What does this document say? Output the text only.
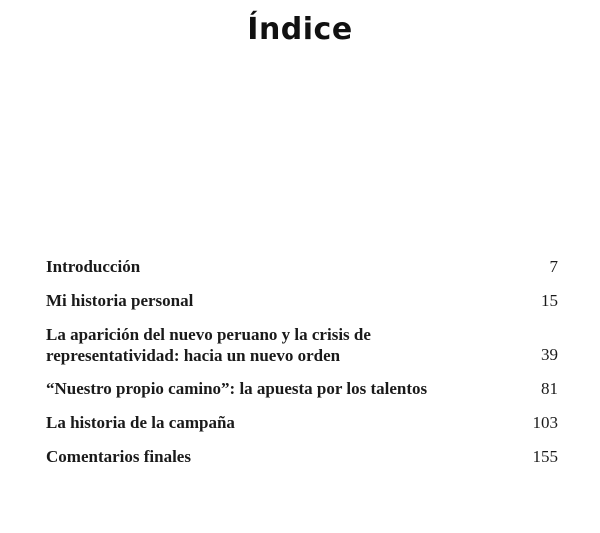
Índice
Introducción	7
Mi historia personal	15
La aparición del nuevo peruano y la crisis de
representatividad: hacia un nuevo orden	39
“Nuestro propio camino”: la apuesta por los talentos	81
La historia de la campaña	103
Comentarios finales	155
